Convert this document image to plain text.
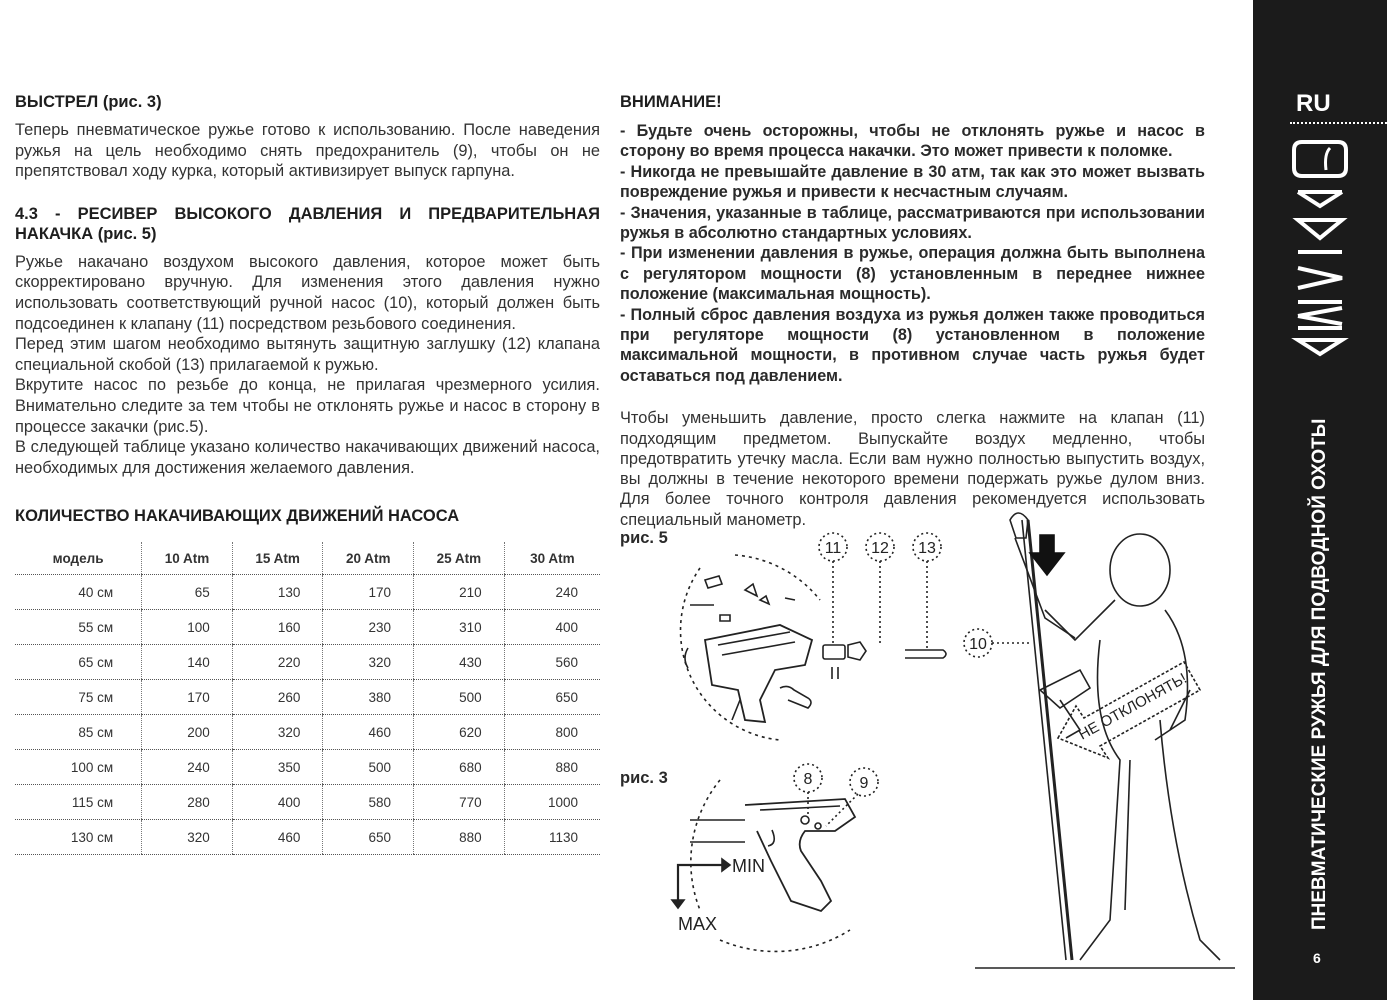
ВЫСТРЕЛ (рис. 3)

Теперь пневматическое ружье готово к использованию. После наведения ружья на цель необходимо снять предохранитель (9), чтобы он не препятствовал ходу курка, который активизирует выпуск гарпуна.

4.3 - РЕСИВЕР ВЫСОКОГО ДАВЛЕНИЯ И ПРЕДВАРИТЕЛЬНАЯ НАКАЧКА (рис. 5)

Ружье накачано воздухом высокого давления, которое может быть скорректировано вручную. Для изменения этого давления нужно использовать соответствующий ручной насос (10), который должен быть подсоединен к клапану (11) посредством резьбового соединения.

Перед этим шагом необходимо вытянуть защитную заглушку (12) клапана специальной скобой (13) прилагаемой к ружью.

Вкрутите насос по резьбе до конца, не прилагая чрезмерного усилия. Внимательно следите за тем чтобы не отклонять ружье и насос в сторону в процессе закачки (рис.5).

В следующей таблице указано количество накачивающих движений насоса, необходимых для достижения желаемого давления.

КОЛИЧЕСТВО НАКАЧИВАЮЩИХ ДВИЖЕНИЙ НАСОСА

модель	10 Atm	15 Atm	20 Atm	25 Atm	30 Atm
40 см	65	130	170	210	240
55 см	100	160	230	310	400
65 см	140	220	320	430	560
75 см	170	260	380	500	650
85 см	200	320	460	620	800
100 см	240	350	500	680	880
115 см	280	400	580	770	1000
130 см	320	460	650	880	1130

ВНИМАНИЕ!

- Будьте очень осторожны, чтобы не отклонять ружье и насос в сторону во время процесса накачки. Это может привести к поломке.

- Никогда не превышайте давление в 30 атм, так как это может вызвать повреждение ружья и привести к несчастным случаям.

- Значения, указанные в таблице, рассматриваются при использовании ружья в абсолютно стандартных условиях.

- При изменении давления в ружье, операция должна быть выполнена с регулятором мощности (8) установленным в переднее нижнее положение (максимальная мощность).

- Полный сброс давления воздуха из ружья должен также проводиться при регуляторе мощности (8) установленном в положение максимальной мощности, в противном случае часть ружья будет оставаться под давлением.

Чтобы уменьшить давление, просто слегка нажмите на клапан (11) подходящим предметом. Выпускайте воздух медленно, чтобы предотвратить утечку масла. Если вам нужно полностью выпустить воздух, вы должны в течение некоторого времени подержать ружье дулом вниз. Для более точного контроля давления рекомендуется использовать специальный манометр.

рис. 5
рис. 3
11 12 13
10
8	9
MIN
MAX
НЕ ОТКЛОНЯТЬ!
RU
ПНЕВМАТИЧЕСКИЕ РУЖЬЯ ДЛЯ ПОДВОДНОЙ ОХОТЫ
6
